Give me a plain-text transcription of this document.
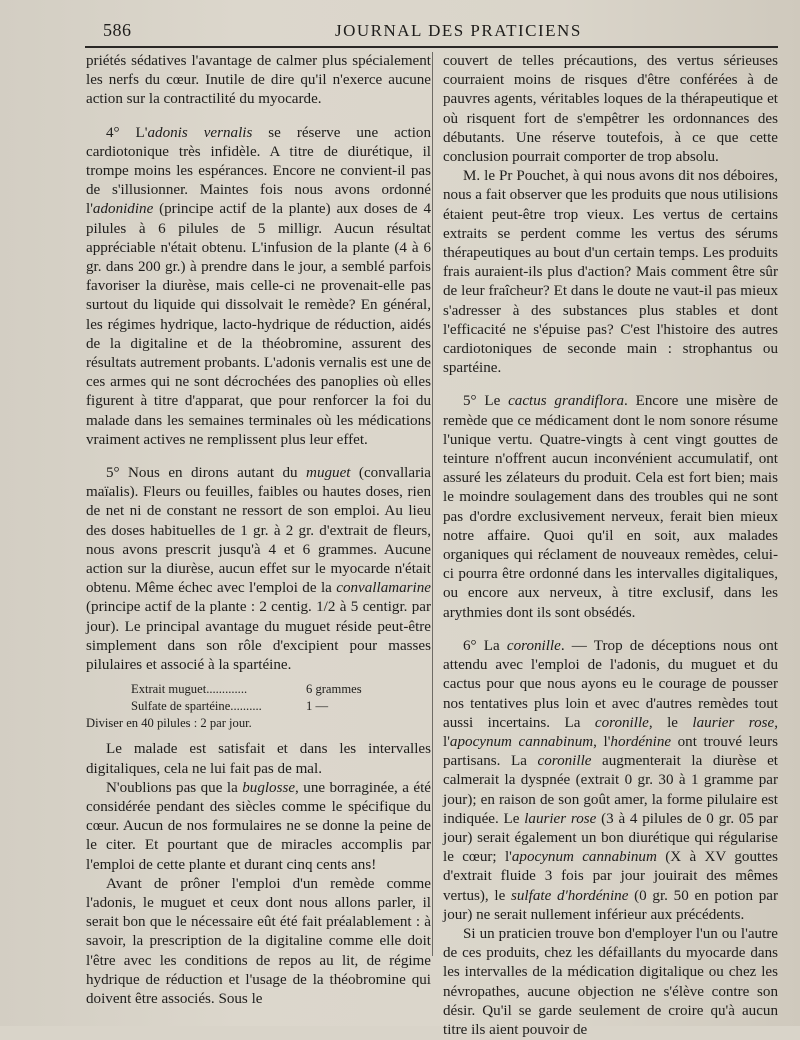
586	JOURNAL DES PRATICIENS

priétés sédatives l'avantage de calmer plus spécialement les nerfs du cœur. Inutile de dire qu'il n'exerce aucune action sur la contractilité du myocarde.

4° L'adonis vernalis se réserve une action cardiotonique très infidèle. A titre de diurétique, il trompe moins les espérances. Encore ne convient-il pas de s'illusionner. Maintes fois nous avons ordonné l'adonidine (principe actif de la plante) aux doses de 4 pilules à 6 pilules de 5 milligr. Aucun résultat appréciable n'était obtenu. L'infusion de la plante (4 à 6 gr. dans 200 gr.) à prendre dans le jour, a semblé parfois favoriser la diurèse, mais celle-ci ne provenait-elle pas surtout du liquide qui dissolvait le remède? En général, les régimes hydrique, lacto-hydrique de réduction, aidés de la digitaline et de la théobromine, assurent des résultats autrement probants. L'adonis vernalis est une de ces armes qui ne sont décrochées des panoplies où elles figurent à titre d'apparat, que pour renforcer la foi du malade dans les semaines terminales où les médications vraiment actives ne remplissent plus leur effet.

5° Nous en dirons autant du muguet (convallaria maïalis). Fleurs ou feuilles, faibles ou hautes doses, rien de net ni de constant ne ressort de son emploi. Au lieu des doses habituelles de 1 gr. à 2 gr. d'extrait de fleurs, nous avons prescrit jusqu'à 4 et 6 grammes. Aucune action sur la diurèse, aucun effet sur le myocarde n'était obtenu. Même échec avec l'emploi de la convallamarine (principe actif de la plante : 2 centig. 1/2 à 5 centigr. par jour). Le principal avantage du muguet réside peut-être simplement dans son rôle d'excipient pour masses pilulaires et associé à la spartéine.

Extrait muguet.............	6 grammes
Sulfate de spartéine..........	1 —
Diviser en 40 pilules : 2 par jour.

Le malade est satisfait et dans les intervalles digitaliques, cela ne lui fait pas de mal.

N'oublions pas que la buglosse, une borraginée, a été considérée pendant des siècles comme le spécifique du cœur. Aucun de nos formulaires ne se donne la peine de le citer. Et pourtant que de miracles accomplis par l'emploi de cette plante et durant cinq cents ans!

Avant de prôner l'emploi d'un remède comme l'adonis, le muguet et ceux dont nous allons parler, il serait bon que le nécessaire eût été fait préalablement : à savoir, la prescription de la digitaline comme elle doit l'être avec les conditions de repos au lit, de régime hydrique de réduction et l'usage de la théobromine qui doivent être associés. Sous le

couvert de telles précautions, des vertus sérieuses courraient moins de risques d'être conférées à de pauvres agents, véritables loques de la thérapeutique et où risquent fort de s'empêtrer les ordonnances des débutants. Une réserve toutefois, à ce que cette conclusion pourrait comporter de trop absolu.

M. le Pr Pouchet, à qui nous avons dit nos déboires, nous a fait observer que les produits que nous utilisions étaient peut-être trop vieux. Les vertus de certains extraits se perdent comme les vertus des sérums thérapeutiques au bout d'un certain temps. Les produits frais auraient-ils plus d'action? Mais comment être sûr de leur fraîcheur? Et dans le doute ne vaut-il pas mieux s'adresser à des substances plus stables et dont l'efficacité ne s'épuise pas? C'est l'histoire des autres cardiotoniques de seconde main : strophantus ou spartéine.

5° Le cactus grandiflora. Encore une misère de remède que ce médicament dont le nom sonore résume l'unique vertu. Quatre-vingts à cent vingt gouttes de teinture n'offrent aucun inconvénient accumulatif, ont assuré les zélateurs du produit. Cela est fort bien; mais le moindre soulagement dans des troubles qui ne sont pas d'ordre exclusivement nerveux, ferait bien mieux notre affaire. Quoi qu'il en soit, aux malades organiques qui réclament de nouveaux remèdes, celui-ci pourra être ordonné dans les intervalles digitaliques, ou encore aux nerveux, à titre exclusif, dans les arythmies dont ils sont obsédés.

6° La coronille. — Trop de déceptions nous ont attendu avec l'emploi de l'adonis, du muguet et du cactus pour que nous ayons eu le courage de pousser nos tentatives plus loin et avec d'autres remèdes tout aussi incertains. La coronille, le laurier rose, l'apocynum cannabinum, l'hordénine ont trouvé leurs partisans. La coronille augmenterait la diurèse et calmerait la dyspnée (extrait 0 gr. 30 à 1 gramme par jour); en raison de son goût amer, la forme pilulaire est indiquée. Le laurier rose (3 à 4 pilules de 0 gr. 05 par jour) serait également un bon diurétique qui régularise le cœur; l'apocynum cannabinum (X à XV gouttes d'extrait fluide 3 fois par jour jouirait des mêmes vertus), le sulfate d'hordénine (0 gr. 50 en potion par jour) ne serait nullement inférieur aux précédents.

Si un praticien trouve bon d'employer l'un ou l'autre de ces produits, chez les défaillants du myocarde dans les intervalles de la médication digitalique ou chez les névropathes, aucune objection ne s'élève contre son désir. Qu'il se garde seulement de croire qu'à aucun titre ils aient pouvoir de
